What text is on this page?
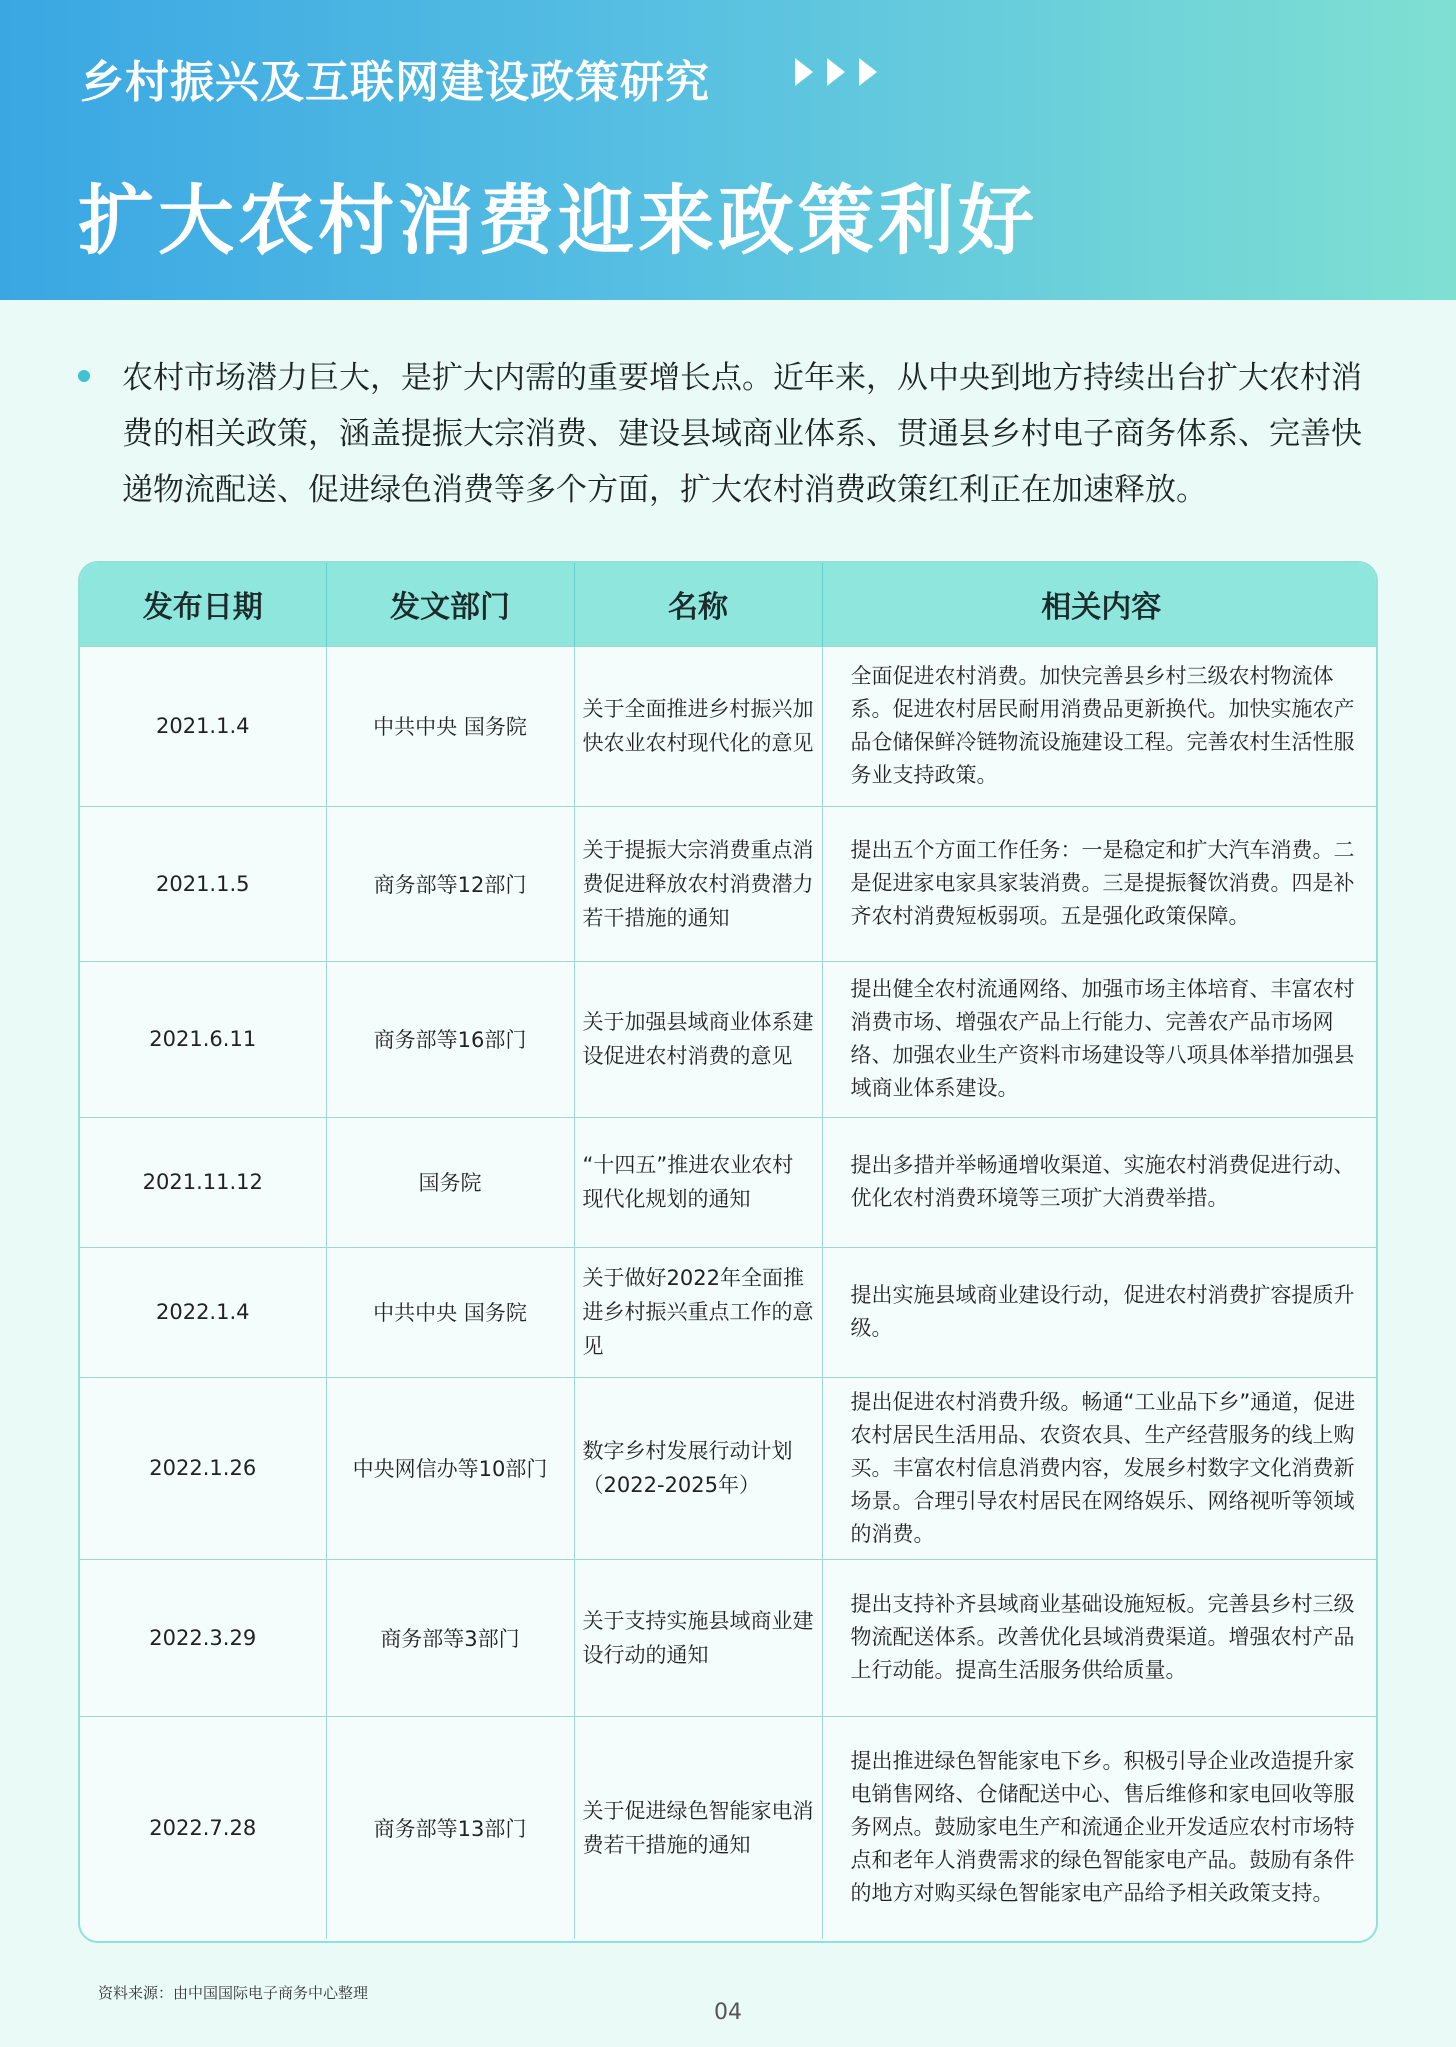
乡村振兴及互联网建设政策研究
扩大农村消费迎来政策利好
农村市场潜力巨大，是扩大内需的重要增长点。近年来，从中央到地方持续出台扩大农村消费的相关政策，涵盖提振大宗消费、建设县域商业体系、贯通县乡村电子商务体系、完善快递物流配送、促进绿色消费等多个方面，扩大农村消费政策红利正在加速释放。
发布日期	发文部门	名称	相关内容
2021.1.4	中共中央 国务院	关于全面推进乡村振兴加快农业农村现代化的意见	全面促进农村消费。加快完善县乡村三级农村物流体系。促进农村居民耐用消费品更新换代。加快实施农产品仓储保鲜冷链物流设施建设工程。完善农村生活性服务业支持政策。
2021.1.5	商务部等12部门	关于提振大宗消费重点消费促进释放农村消费潜力若干措施的通知	提出五个方面工作任务：一是稳定和扩大汽车消费。二是促进家电家具家装消费。三是提振餐饮消费。四是补齐农村消费短板弱项。五是强化政策保障。
2021.6.11	商务部等16部门	关于加强县域商业体系建设促进农村消费的意见	提出健全农村流通网络、加强市场主体培育、丰富农村消费市场、增强农产品上行能力、完善农产品市场网络、加强农业生产资料市场建设等八项具体举措加强县域商业体系建设。
2021.11.12	国务院	“十四五”推进农业农村现代化规划的通知	提出多措并举畅通增收渠道、实施农村消费促进行动、优化农村消费环境等三项扩大消费举措。
2022.1.4	中共中央 国务院	关于做好2022年全面推进乡村振兴重点工作的意见	提出实施县域商业建设行动，促进农村消费扩容提质升级。
2022.1.26	中央网信办等10部门	数字乡村发展行动计划（2022-2025年）	提出促进农村消费升级。畅通“工业品下乡”通道，促进农村居民生活用品、农资农具、生产经营服务的线上购买。丰富农村信息消费内容，发展乡村数字文化消费新场景。合理引导农村居民在网络娱乐、网络视听等领域的消费。
2022.3.29	商务部等3部门	关于支持实施县域商业建设行动的通知	提出支持补齐县域商业基础设施短板。完善县乡村三级物流配送体系。改善优化县域消费渠道。增强农村产品上行动能。提高生活服务供给质量。
2022.7.28	商务部等13部门	关于促进绿色智能家电消费若干措施的通知	提出推进绿色智能家电下乡。积极引导企业改造提升家电销售网络、仓储配送中心、售后维修和家电回收等服务网点。鼓励家电生产和流通企业开发适应农村市场特点和老年人消费需求的绿色智能家电产品。鼓励有条件的地方对购买绿色智能家电产品给予相关政策支持。
资料来源：由中国国际电子商务中心整理
04
